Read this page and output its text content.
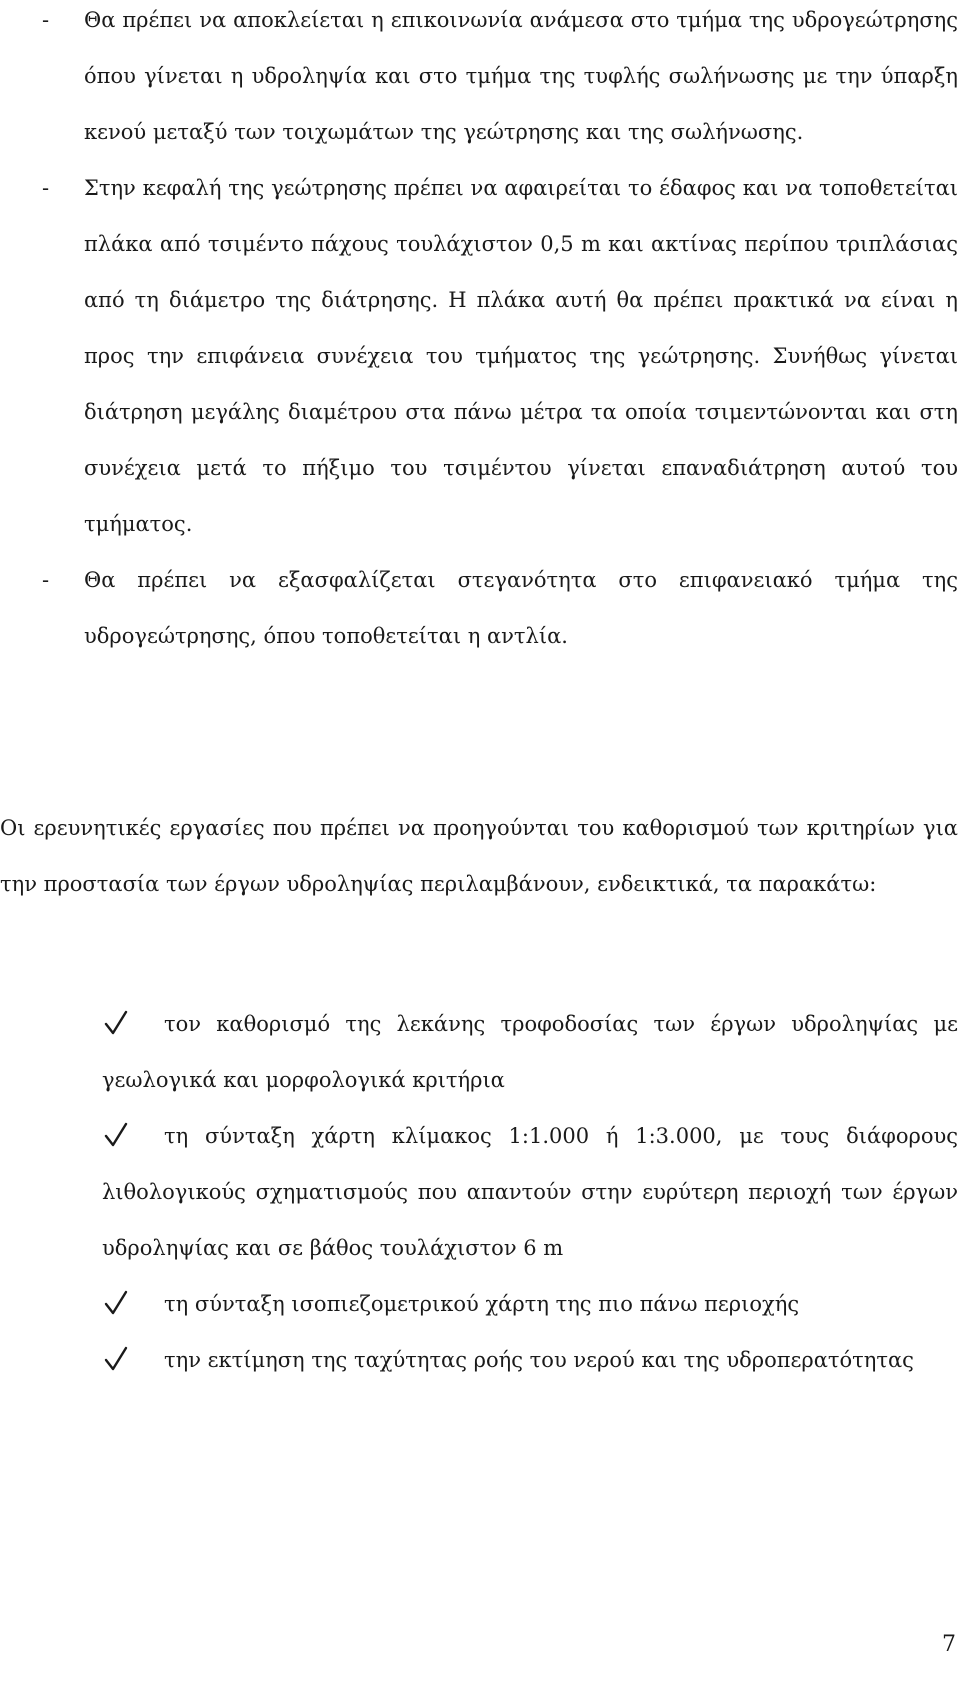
- Θα πρέπει να αποκλείεται η επικοινωνία ανάμεσα στο τμήμα της υδρογεώτρησης όπου γίνεται η υδροληψία και στο τμήμα της τυφλής σωλήνωσης με την ύπαρξη κενού μεταξύ των τοιχωμάτων της γεώτρησης και της σωλήνωσης.
- Στην κεφαλή της γεώτρησης πρέπει να αφαιρείται το έδαφος και να τοποθετείται πλάκα από τσιμέντο πάχους τουλάχιστον 0,5 m και ακτίνας περίπου τριπλάσιας από τη διάμετρο της διάτρησης. Η πλάκα αυτή θα πρέπει πρακτικά να είναι η προς την επιφάνεια συνέχεια του τμήματος της γεώτρησης. Συνήθως γίνεται διάτρηση μεγάλης διαμέτρου στα πάνω μέτρα τα οποία τσιμεντώνονται και στη συνέχεια μετά το πήξιμο του τσιμέντου γίνεται επαναδιάτρηση αυτού του τμήματος.
- Θα πρέπει να εξασφαλίζεται στεγανότητα στο επιφανειακό τμήμα της υδρογεώτρησης, όπου τοποθετείται η αντλία.

Οι ερευνητικές εργασίες που πρέπει να προηγούνται του καθορισμού των κριτηρίων για την προστασία των έργων υδροληψίας περιλαμβάνουν, ενδεικτικά, τα παρακάτω:

τον καθορισμό της λεκάνης τροφοδοσίας των έργων υδροληψίας με γεωλογικά και μορφολογικά κριτήρια
τη σύνταξη χάρτη κλίμακος 1:1.000 ή 1:3.000, με τους διάφορους λιθολογικούς σχηματισμούς που απαντούν στην ευρύτερη περιοχή των έργων υδροληψίας και σε βάθος τουλάχιστον 6 m
τη σύνταξη ισοπιεζομετρικού χάρτη της πιο πάνω περιοχής
την εκτίμηση της ταχύτητας ροής του νερού και της υδροπερατότητας
7
